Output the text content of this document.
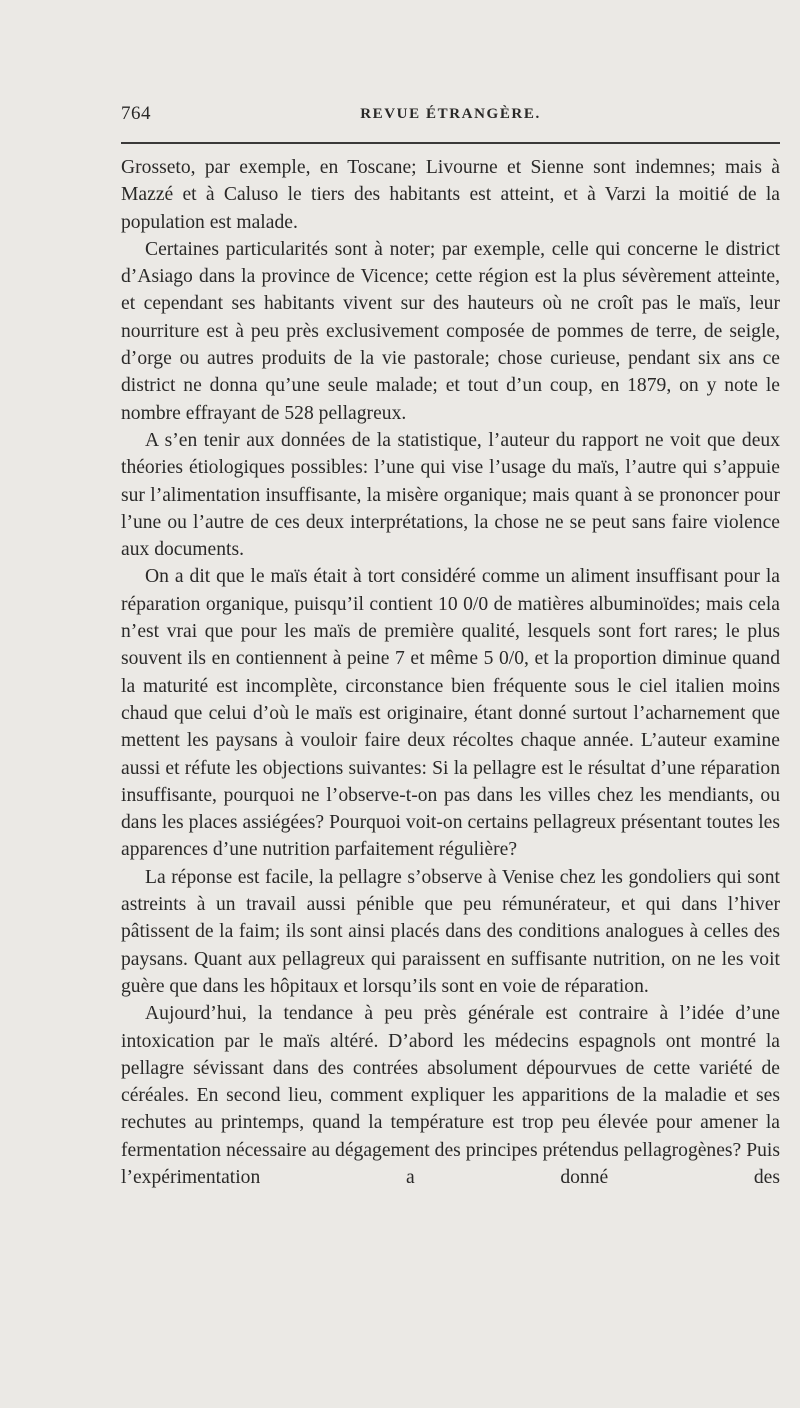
764	REVUE ÉTRANGÈRE.

Grosseto, par exemple, en Toscane; Livourne et Sienne sont indemnes; mais à Mazzé et à Caluso le tiers des habitants est atteint, et à Varzi la moitié de la population est malade.

Certaines particularités sont à noter; par exemple, celle qui concerne le district d’Asiago dans la province de Vicence; cette région est la plus sévèrement atteinte, et cependant ses habitants vivent sur des hauteurs où ne croît pas le maïs, leur nourriture est à peu près exclusivement composée de pommes de terre, de seigle, d’orge ou autres produits de la vie pastorale; chose curieuse, pendant six ans ce district ne donna qu’une seule malade; et tout d’un coup, en 1879, on y note le nombre effrayant de 528 pellagreux.

A s’en tenir aux données de la statistique, l’auteur du rapport ne voit que deux théories étiologiques possibles: l’une qui vise l’usage du maïs, l’autre qui s’appuie sur l’alimentation insuffisante, la misère organique; mais quant à se prononcer pour l’une ou l’autre de ces deux interprétations, la chose ne se peut sans faire violence aux documents.

On a dit que le maïs était à tort considéré comme un aliment insuffisant pour la réparation organique, puisqu’il contient 10 0/0 de matières albuminoïdes; mais cela n’est vrai que pour les maïs de première qualité, lesquels sont fort rares; le plus souvent ils en contiennent à peine 7 et même 5 0/0, et la proportion diminue quand la maturité est incomplète, circonstance bien fréquente sous le ciel italien moins chaud que celui d’où le maïs est originaire, étant donné surtout l’acharnement que mettent les paysans à vouloir faire deux récoltes chaque année. L’auteur examine aussi et réfute les objections suivantes: Si la pellagre est le résultat d’une réparation insuffisante, pourquoi ne l’observe-t-on pas dans les villes chez les mendiants, ou dans les places assiégées? Pourquoi voit-on certains pellagreux présentant toutes les apparences d’une nutrition parfaitement régulière?

La réponse est facile, la pellagre s’observe à Venise chez les gondoliers qui sont astreints à un travail aussi pénible que peu rémunérateur, et qui dans l’hiver pâtissent de la faim; ils sont ainsi placés dans des conditions analogues à celles des paysans. Quant aux pellagreux qui paraissent en suffisante nutrition, on ne les voit guère que dans les hôpitaux et lorsqu’ils sont en voie de réparation.

Aujourd’hui, la tendance à peu près générale est contraire à l’idée d’une intoxication par le maïs altéré. D’abord les médecins espagnols ont montré la pellagre sévissant dans des contrées absolument dépourvues de cette variété de céréales. En second lieu, comment expliquer les apparitions de la maladie et ses rechutes au printemps, quand la température est trop peu élevée pour amener la fermentation nécessaire au dégagement des principes prétendus pellagrogènes? Puis l’expérimentation a donné des
